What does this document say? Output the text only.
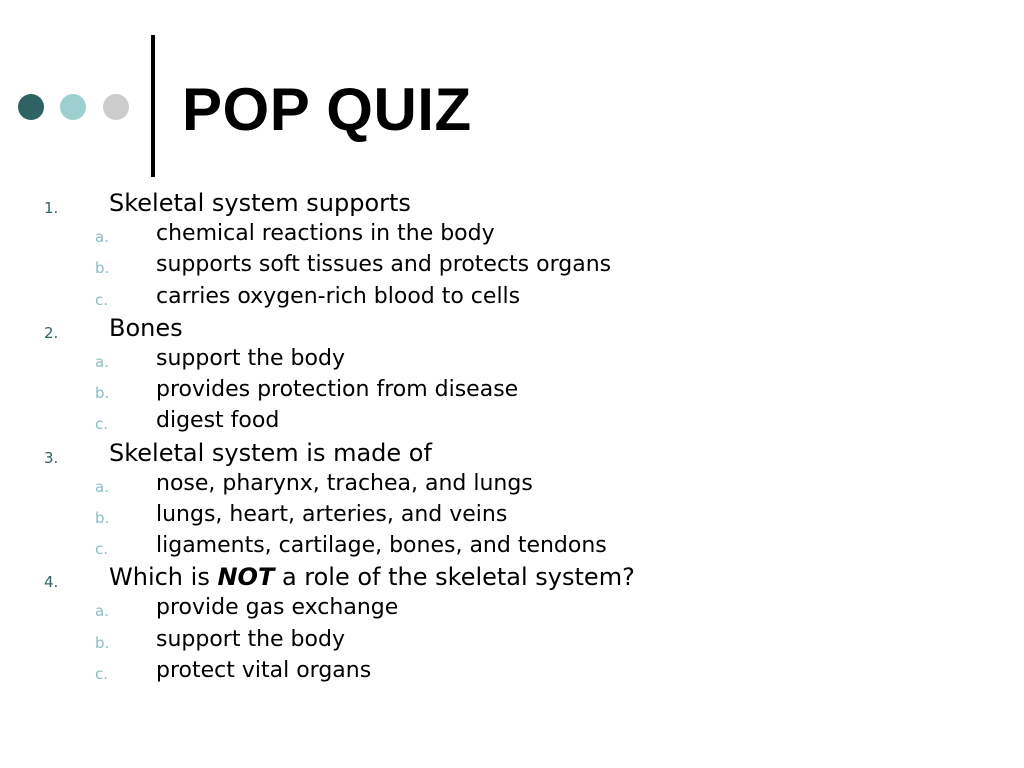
POP QUIZ
1. Skeletal system supports
a. chemical reactions in the body
b. supports soft tissues and protects organs
c. carries oxygen-rich blood to cells
2. Bones
a. support the body
b. provides protection from disease
c. digest food
3. Skeletal system is made of
a. nose, pharynx, trachea, and lungs
b. lungs, heart, arteries, and veins
c. ligaments, cartilage, bones, and tendons
4. Which is NOT a role of the skeletal system?
a. provide gas exchange
b. support the body
c. protect vital organs
